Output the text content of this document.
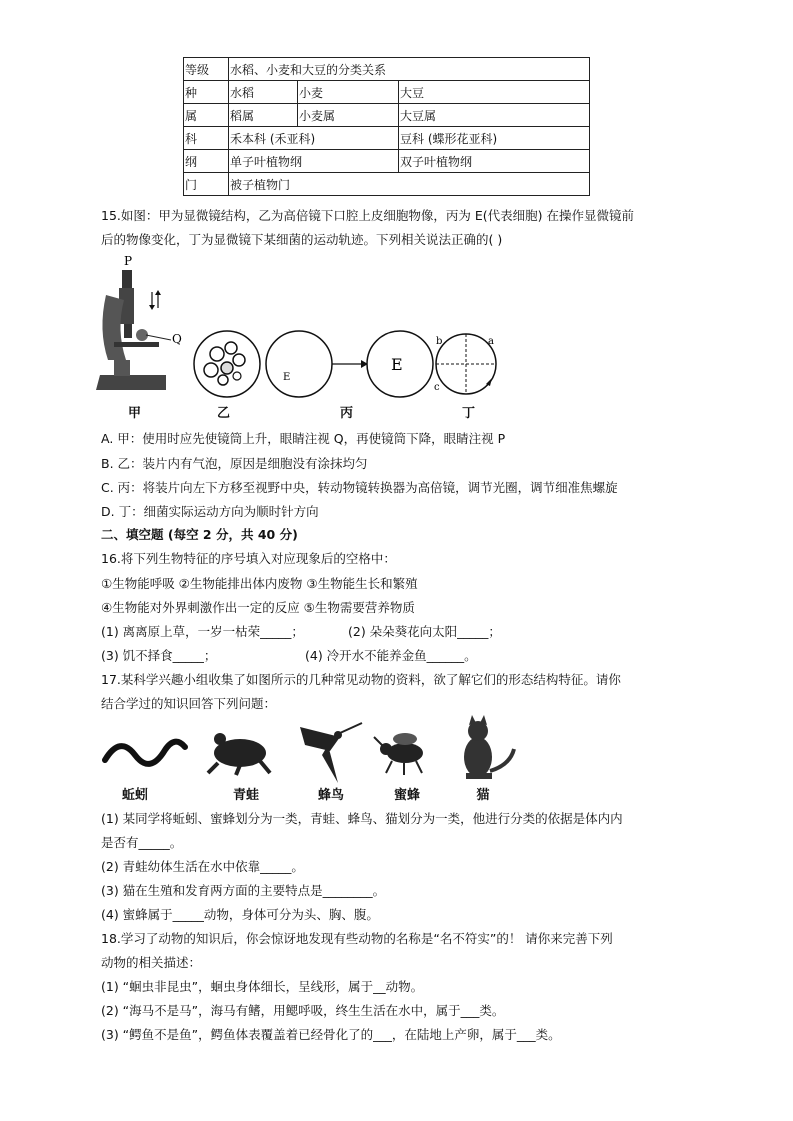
等级	水稻、小麦和大豆的分类关系		
种	水稻	小麦	大豆
属	稻属	小麦属	大豆属
科	禾本科 (禾亚科)		豆科 (蝶形花亚科)
纲	单子叶植物纲		双子叶植物纲
门	被子植物门		
15.如图：甲为显微镜结构，乙为高倍镜下口腔上皮细胞物像，丙为 E(代表细胞) 在操作显微镜前
后的物像变化，丁为显微镜下某细菌的运动轨迹。下列相关说法正确的( )
P
Q
E
E
b	a
c
甲	乙	丙	丁
A. 甲：使用时应先使镜筒上升，眼睛注视 Q，再使镜筒下降，眼睛注视 P
B. 乙：装片内有气泡，原因是细胞没有涂抹均匀
C. 丙：将装片向左下方移至视野中央，转动物镜转换器为高倍镜，调节光圈，调节细准焦螺旋
D. 丁：细菌实际运动方向为顺时针方向
二、填空题 (每空 2 分，共 40 分)
16.将下列生物特征的序号填入对应现象后的空格中：
①生物能呼吸 ②生物能排出体内废物 ③生物能生长和繁殖
④生物能对外界刺激作出一定的反应 ⑤生物需要营养物质
(1) 离离原上草，一岁一枯荣_____；	(2) 朵朵葵花向太阳_____；
(3) 饥不择食_____；	(4) 冷开水不能养金鱼______。
17.某科学兴趣小组收集了如图所示的几种常见动物的资料，欲了解它们的形态结构特征。请你
结合学过的知识回答下列问题：
蚯蚓	青蛙	蜂鸟	蜜蜂	猫
(1) 某同学将蚯蚓、蜜蜂划分为一类，青蛙、蜂鸟、猫划分为一类，他进行分类的依据是体内内
是否有_____。
(2) 青蛙幼体生活在水中依靠_____。
(3) 猫在生殖和发育两方面的主要特点是________。
(4) 蜜蜂属于_____动物，身体可分为头、胸、腹。
18.学习了动物的知识后，你会惊讶地发现有些动物的名称是“名不符实”的！ 请你来完善下列
动物的相关描述：
(1) “蛔虫非昆虫”，蛔虫身体细长，呈线形，属于__动物。
(2) “海马不是马”，海马有鳍，用鳃呼吸，终生生活在水中，属于___类。
(3) “鳄鱼不是鱼”，鳄鱼体表覆盖着已经骨化了的___，在陆地上产卵，属于___类。
